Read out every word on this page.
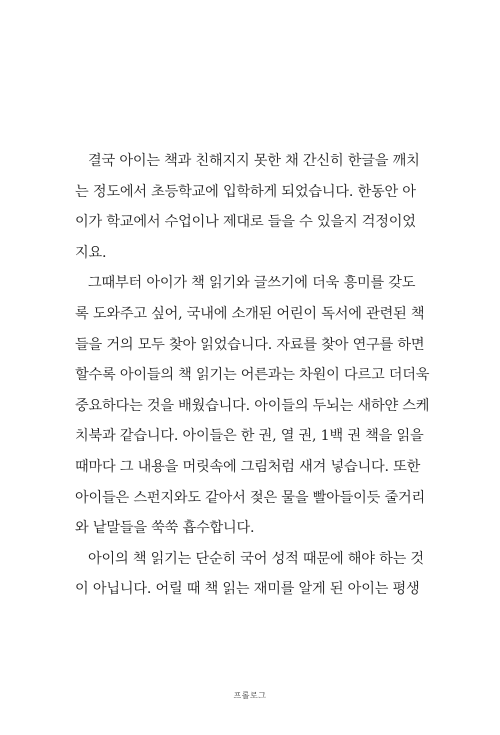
결국 아이는 책과 친해지지 못한 채 간신히 한글을 깨치
는 정도에서 초등학교에 입학하게 되었습니다. 한동안 아
이가 학교에서 수업이나 제대로 들을 수 있을지 걱정이었
지요.
그때부터 아이가 책 읽기와 글쓰기에 더욱 흥미를 갖도
록 도와주고 싶어, 국내에 소개된 어린이 독서에 관련된 책
들을 거의 모두 찾아 읽었습니다. 자료를 찾아 연구를 하면
할수록 아이들의 책 읽기는 어른과는 차원이 다르고 더더욱
중요하다는 것을 배웠습니다. 아이들의 두뇌는 새하얀 스케
치북과 같습니다. 아이들은 한 권, 열 권, 1백 권 책을 읽을
때마다 그 내용을 머릿속에 그림처럼 새겨 넣습니다. 또한
아이들은 스펀지와도 같아서 젖은 물을 빨아들이듯 줄거리
와 낱말들을 쑥쑥 흡수합니다.
아이의 책 읽기는 단순히 국어 성적 때문에 해야 하는 것
이 아닙니다. 어릴 때 책 읽는 재미를 알게 된 아이는 평생
프롤로그
